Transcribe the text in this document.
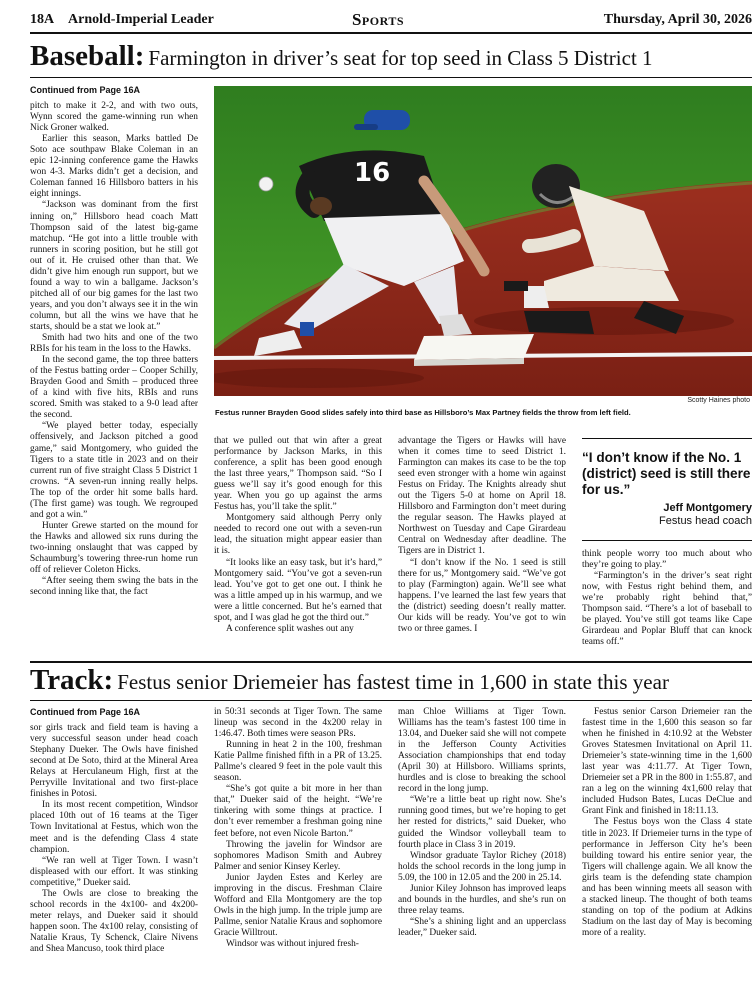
18A Arnold-Imperial Leader	Sports	Thursday, April 30, 2026
Baseball: Farmington in driver’s seat for top seed in Class 5 District 1
Continued from Page 16A

pitch to make it 2-2, and with two outs, Wynn scored the game-winning run when Nick Groner walked.

Earlier this season, Marks battled De Soto ace southpaw Blake Coleman in an epic 12-inning conference game the Hawks won 4-3. Marks didn’t get a decision, and Coleman fanned 16 Hillsboro batters in his eight innings.

“Jackson was dominant from the first inning on,” Hillsboro head coach Matt Thompson said of the latest big-game matchup. “He got into a little trouble with runners in scoring position, but he still got out of it. He cruised other than that. We didn’t give him enough run support, but we found a way to win a ballgame. Jackson’s pitched all of our big games for the last two years, and you don’t always see it in the win column, but all the wins we have that he starts, should be a stat we look at.”

Smith had two hits and one of the two RBIs for his team in the loss to the Hawks.

In the second game, the top three batters of the Festus batting order – Cooper Schilly, Brayden Good and Smith – produced three of a kind with five hits, RBIs and runs scored. Smith was staked to a 9-0 lead after the second.

“We played better today, especially offensively, and Jackson pitched a good game,” said Montgomery, who guided the Tigers to a state title in 2023 and on their current run of five straight Class 5 District 1 crowns. “A seven-run inning really helps. The top of the order hit some balls hard. (The first game) was tough. We regrouped and got a win.”

Hunter Grewe started on the mound for the Hawks and allowed six runs during the two-inning onslaught that was capped by Schaumburg’s towering three-run home run off of reliever Coleton Hicks.

“After seeing them swing the bats in the second inning like that, the fact

16
Scotty Haines photo
Festus runner Brayden Good slides safely into third base as Hillsboro’s Max Partney fields the throw from left field.

that we pulled out that win after a great performance by Jackson Marks, in this conference, a split has been good enough the last three years,” Thompson said. “So I guess we’ll say it’s good enough for this year. When you go up against the arms Festus has, you’ll take the split.”

Montgomery said although Perry only needed to record one out with a seven-run lead, the situation might appear easier than it is.

“It looks like an easy task, but it’s hard,” Montgomery said. “You’ve got a seven-run lead. You’ve got to get one out. I think he was a little amped up in his warmup, and we were a little concerned. But he’s earned that spot, and I was glad he got the third out.”

A conference split washes out any

advantage the Tigers or Hawks will have when it comes time to seed District 1. Farmington can makes its case to be the top seed even stronger with a home win against Festus on Friday. The Knights already shut out the Tigers 5-0 at home on April 18. Hillsboro and Farmington don’t meet during the regular season. The Hawks played at Northwest on Tuesday and Cape Girardeau Central on Wednesday after deadline. The Tigers are in District 1.

“I don’t know if the No. 1 seed is still there for us,” Montgomery said. “We’ve got to play (Farmington) again. We’ll see what happens. I’ve learned the last few years that the (district) seeding doesn’t really matter. Our kids will be ready. You’ve got to win two or three games. I

“I don’t know if the No. 1 (district) seed is still there for us.”
Jeff Montgomery
Festus head coach

think people worry too much about who they’re going to play.”

“Farmington’s in the driver’s seat right now, with Festus right behind them, and we’re probably right behind that,” Thompson said. “There’s a lot of baseball to be played. You’ve still got teams like Cape Girardeau and Poplar Bluff that can knock teams off.”

Track: Festus senior Driemeier has fastest time in 1,600 in state this year
Continued from Page 16A

sor girls track and field team is having a very successful season under head coach Stephany Dueker. The Owls have finished second at De Soto, third at the Mineral Area Relays at Herculaneum High, first at the Perryville Invitational and two first-place finishes in Potosi.

In its most recent competition, Windsor placed 10th out of 16 teams at the Tiger Town Invitational at Festus, which won the meet and is the defending Class 4 state champion.

“We ran well at Tiger Town. I wasn’t displeased with our effort. It was stinking competitive,” Dueker said.

The Owls are close to breaking the school records in the 4x100- and 4x200-meter relays, and Dueker said it should happen soon. The 4x100 relay, consisting of Natalie Kraus, Ty Schenck, Claire Nivens and Shea Mancuso, took third place

in 50:31 seconds at Tiger Town. The same lineup was second in the 4x200 relay in 1:46.47. Both times were season PRs.

Running in heat 2 in the 100, freshman Katie Pallme finished fifth in a PR of 13.25. Pallme’s cleared 9 feet in the pole vault this season.

“She’s got quite a bit more in her than that,” Dueker said of the height. “We’re tinkering with some things at practice. I don’t ever remember a freshman going nine feet before, not even Nicole Barton.”

Throwing the javelin for Windsor are sophomores Madison Smith and Aubrey Palmer and senior Kinsey Kerley.

Junior Jayden Estes and Kerley are improving in the discus. Freshman Claire Wofford and Ella Montgomery are the top Owls in the high jump. In the triple jump are Pallme, senior Natalie Kraus and sophomore Gracie Willtrout.

Windsor was without injured fresh-

man Chloe Williams at Tiger Town. Williams has the team’s fastest 100 time in 13.04, and Dueker said she will not compete in the Jefferson County Activities Association championships that end today (April 30) at Hillsboro. Williams sprints, hurdles and is close to breaking the school record in the long jump.

“We’re a little beat up right now. She’s running good times, but we’re hoping to get her rested for districts,” said Dueker, who guided the Windsor volleyball team to fourth place in Class 3 in 2019.

Windsor graduate Taylor Richey (2018) holds the school records in the long jump in 5.09, the 100 in 12.05 and the 200 in 25.14.

Junior Kiley Johnson has improved leaps and bounds in the hurdles, and she’s run on three relay teams.

“She’s a shining light and an upperclass leader,” Dueker said.

Festus senior Carson Driemeier ran the fastest time in the 1,600 this season so far when he finished in 4:10.92 at the Webster Groves Statesmen Invitational on April 11. Driemeier’s state-winning time in the 1,600 last year was 4:11.77. At Tiger Town, Driemeier set a PR in the 800 in 1:55.87, and ran a leg on the winning 4x1,600 relay that included Hudson Bates, Lucas DeClue and Grant Fink and finished in 18:11.13.

The Festus boys won the Class 4 state title in 2023. If Driemeier turns in the type of performance in Jefferson City he’s been building toward his entire senior year, the Tigers will challenge again. We all know the girls team is the defending state champion and has been winning meets all season with a stacked lineup. The thought of both teams standing on top of the podium at Adkins Stadium on the last day of May is becoming more of a reality.
